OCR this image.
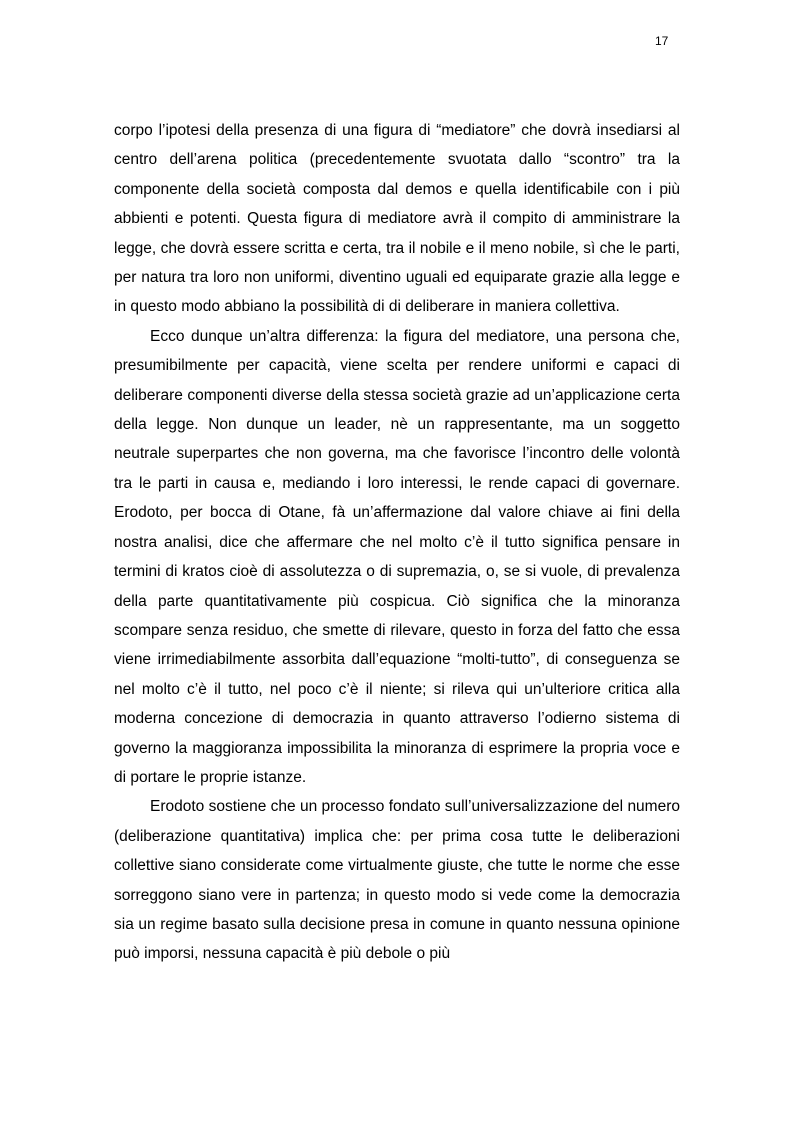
17

corpo l’ipotesi della presenza di una figura di “mediatore” che dovrà insediarsi al centro dell’arena politica (precedentemente svuotata dallo “scontro” tra la componente della società composta dal demos e quella identificabile con i più abbienti e potenti. Questa figura di mediatore avrà il compito di amministrare la legge, che dovrà essere scritta e certa, tra il nobile e il meno nobile, sì che le parti, per natura tra loro non uniformi, diventino uguali ed equiparate grazie alla legge e in questo modo abbiano la possibilità di di deliberare in maniera collettiva.

Ecco dunque un’altra differenza: la figura del mediatore, una persona che, presumibilmente per capacità, viene scelta per rendere uniformi e capaci di deliberare componenti diverse della stessa società grazie ad un’applicazione certa della legge. Non dunque un leader, nè un rappresentante, ma un soggetto neutrale superpartes che non governa, ma che favorisce l’incontro delle volontà tra le parti in causa e, mediando i loro interessi, le rende capaci di governare. Erodoto, per bocca di Otane, fà un’affermazione dal valore chiave ai fini della nostra analisi, dice che affermare che nel molto c’è il tutto significa pensare in termini di kratos cioè di assolutezza o di supremazia, o, se si vuole, di prevalenza della parte quantitativamente più cospicua. Ciò significa che la minoranza scompare senza residuo, che smette di rilevare, questo in forza del fatto che essa viene irrimediabilmente assorbita dall’equazione “molti-tutto”, di conseguenza se nel molto c’è il tutto, nel poco c’è il niente; si rileva qui un’ulteriore critica alla moderna concezione di democrazia in quanto attraverso l’odierno sistema di governo la maggioranza impossibilita la minoranza di esprimere la propria voce e di portare le proprie istanze.

Erodoto sostiene che un processo fondato sull’universalizzazione del numero (deliberazione quantitativa) implica che: per prima cosa tutte le deliberazioni collettive siano considerate come virtualmente giuste, che tutte le norme che esse sorreggono siano vere in partenza; in questo modo si vede come la democrazia sia un regime basato sulla decisione presa in comune in quanto nessuna opinione può imporsi, nessuna capacità è più debole o più
